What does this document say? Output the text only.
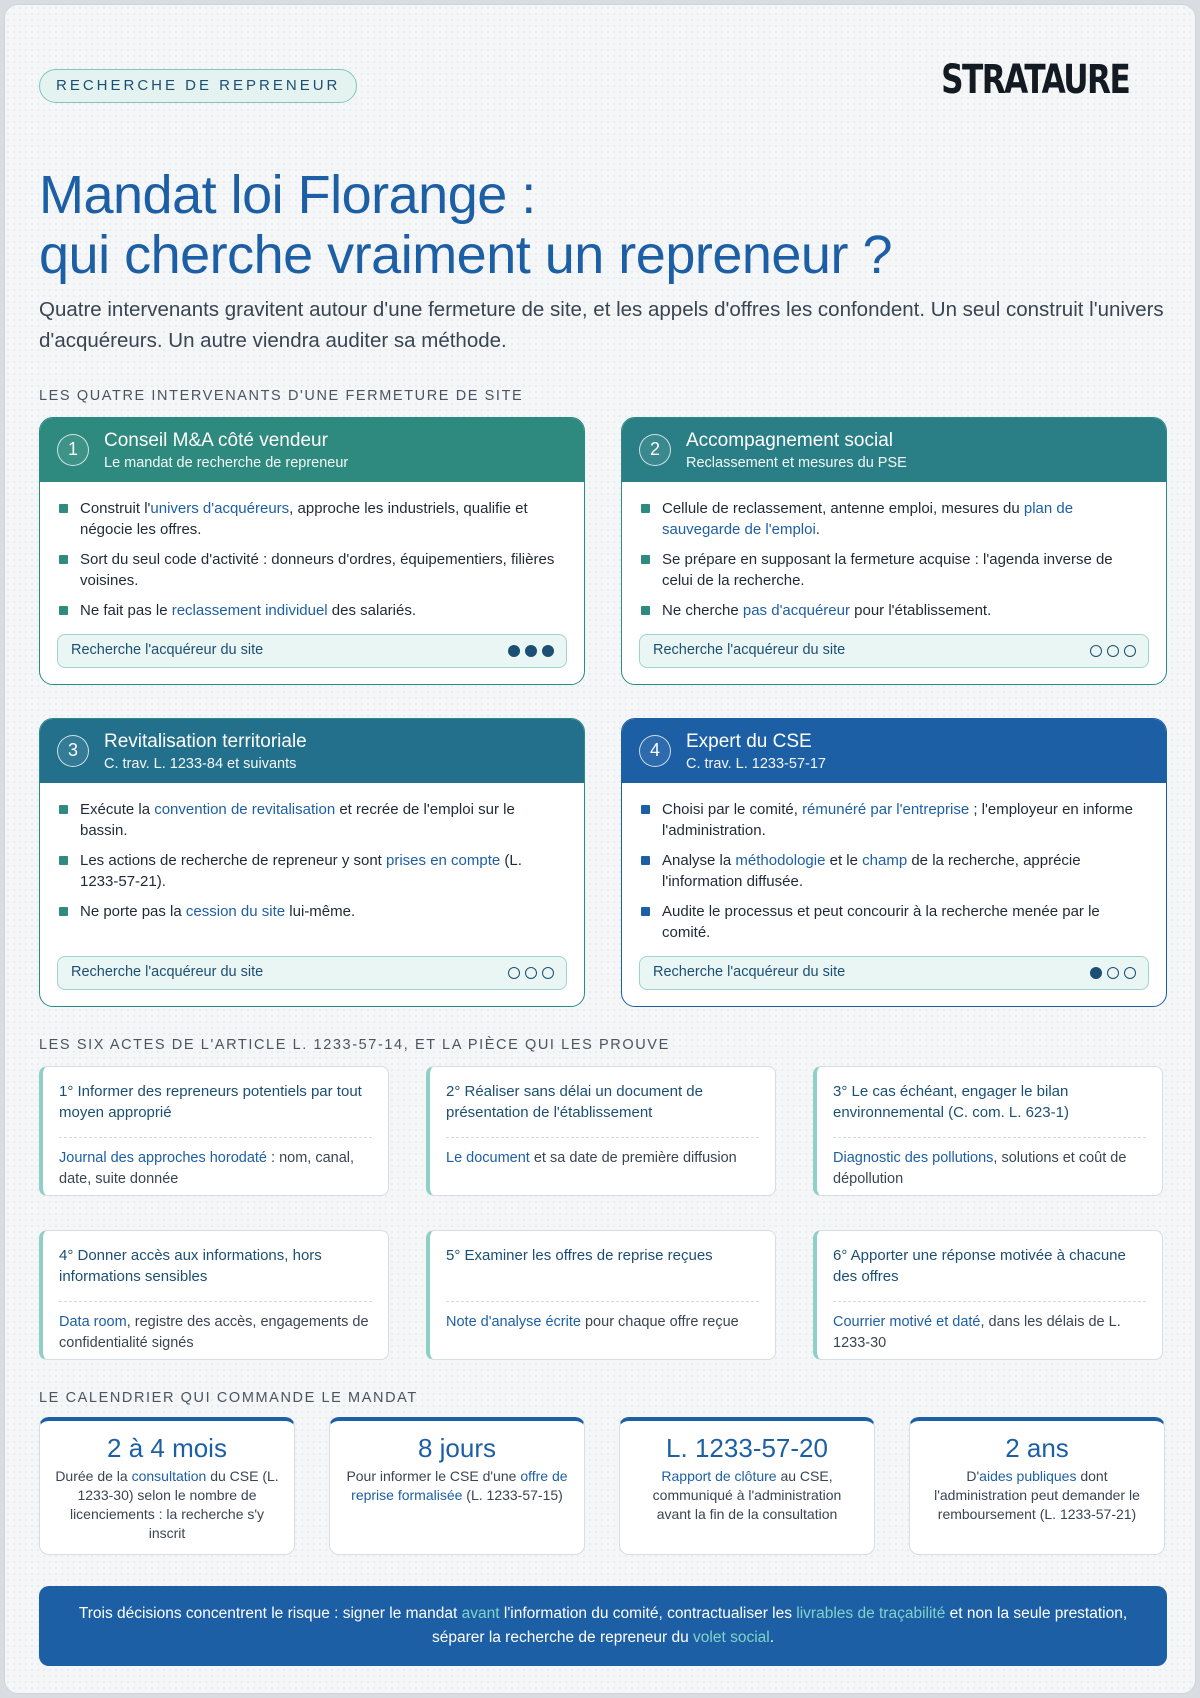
RECHERCHE DE REPRENEUR	STRATAURE
Mandat loi Florange :
qui cherche vraiment un repreneur ?

Quatre intervenants gravitent autour d'une fermeture de site, et les appels d'offres les confondent. Un seul construit l'univers d'acquéreurs. Un autre viendra auditer sa méthode.

LES QUATRE INTERVENANTS D'UNE FERMETURE DE SITE
1	Conseil M&A côté vendeur
Le mandat de recherche de repreneur
Construit l'univers d'acquéreurs, approche les industriels, qualifie et négocie les offres.
Sort du seul code d'activité : donneurs d'ordres, équipementiers, filières voisines.
Ne fait pas le reclassement individuel des salariés.
Recherche l'acquéreur du site
2	Accompagnement social
Reclassement et mesures du PSE
Cellule de reclassement, antenne emploi, mesures du plan de sauvegarde de l'emploi.
Se prépare en supposant la fermeture acquise : l'agenda inverse de celui de la recherche.
Ne cherche pas d'acquéreur pour l'établissement.
Recherche l'acquéreur du site
3	Revitalisation territoriale
C. trav. L. 1233-84 et suivants
Exécute la convention de revitalisation et recrée de l'emploi sur le bassin.
Les actions de recherche de repreneur y sont prises en compte (L. 1233-57-21).
Ne porte pas la cession du site lui-même.
Recherche l'acquéreur du site
4	Expert du CSE
C. trav. L. 1233-57-17
Choisi par le comité, rémunéré par l'entreprise ; l'employeur en informe l'administration.
Analyse la méthodologie et le champ de la recherche, apprécie l'information diffusée.
Audite le processus et peut concourir à la recherche menée par le comité.
Recherche l'acquéreur du site
LES SIX ACTES DE L'ARTICLE L. 1233-57-14, ET LA PIÈCE QUI LES PROUVE
1° Informer des repreneurs potentiels par tout moyen approprié
Journal des approches horodaté : nom, canal, date, suite donnée
2° Réaliser sans délai un document de présentation de l'établissement
Le document et sa date de première diffusion
3° Le cas échéant, engager le bilan environnemental (C. com. L. 623-1)
Diagnostic des pollutions, solutions et coût de dépollution
4° Donner accès aux informations, hors informations sensibles
Data room, registre des accès, engagements de confidentialité signés
5° Examiner les offres de reprise reçues
Note d'analyse écrite pour chaque offre reçue
6° Apporter une réponse motivée à chacune des offres
Courrier motivé et daté, dans les délais de L. 1233-30
LE CALENDRIER QUI COMMANDE LE MANDAT
2 à 4 mois
Durée de la consultation du CSE (L. 1233-30) selon le nombre de licenciements : la recherche s'y inscrit
8 jours
Pour informer le CSE d'une offre de reprise formalisée (L. 1233-57-15)
L. 1233-57-20
Rapport de clôture au CSE, communiqué à l'administration avant la fin de la consultation
2 ans
D'aides publiques dont l'administration peut demander le remboursement (L. 1233-57-21)
Trois décisions concentrent le risque : signer le mandat avant l'information du comité, contractualiser les livrables de traçabilité et non la seule prestation, séparer la recherche de repreneur du volet social.
